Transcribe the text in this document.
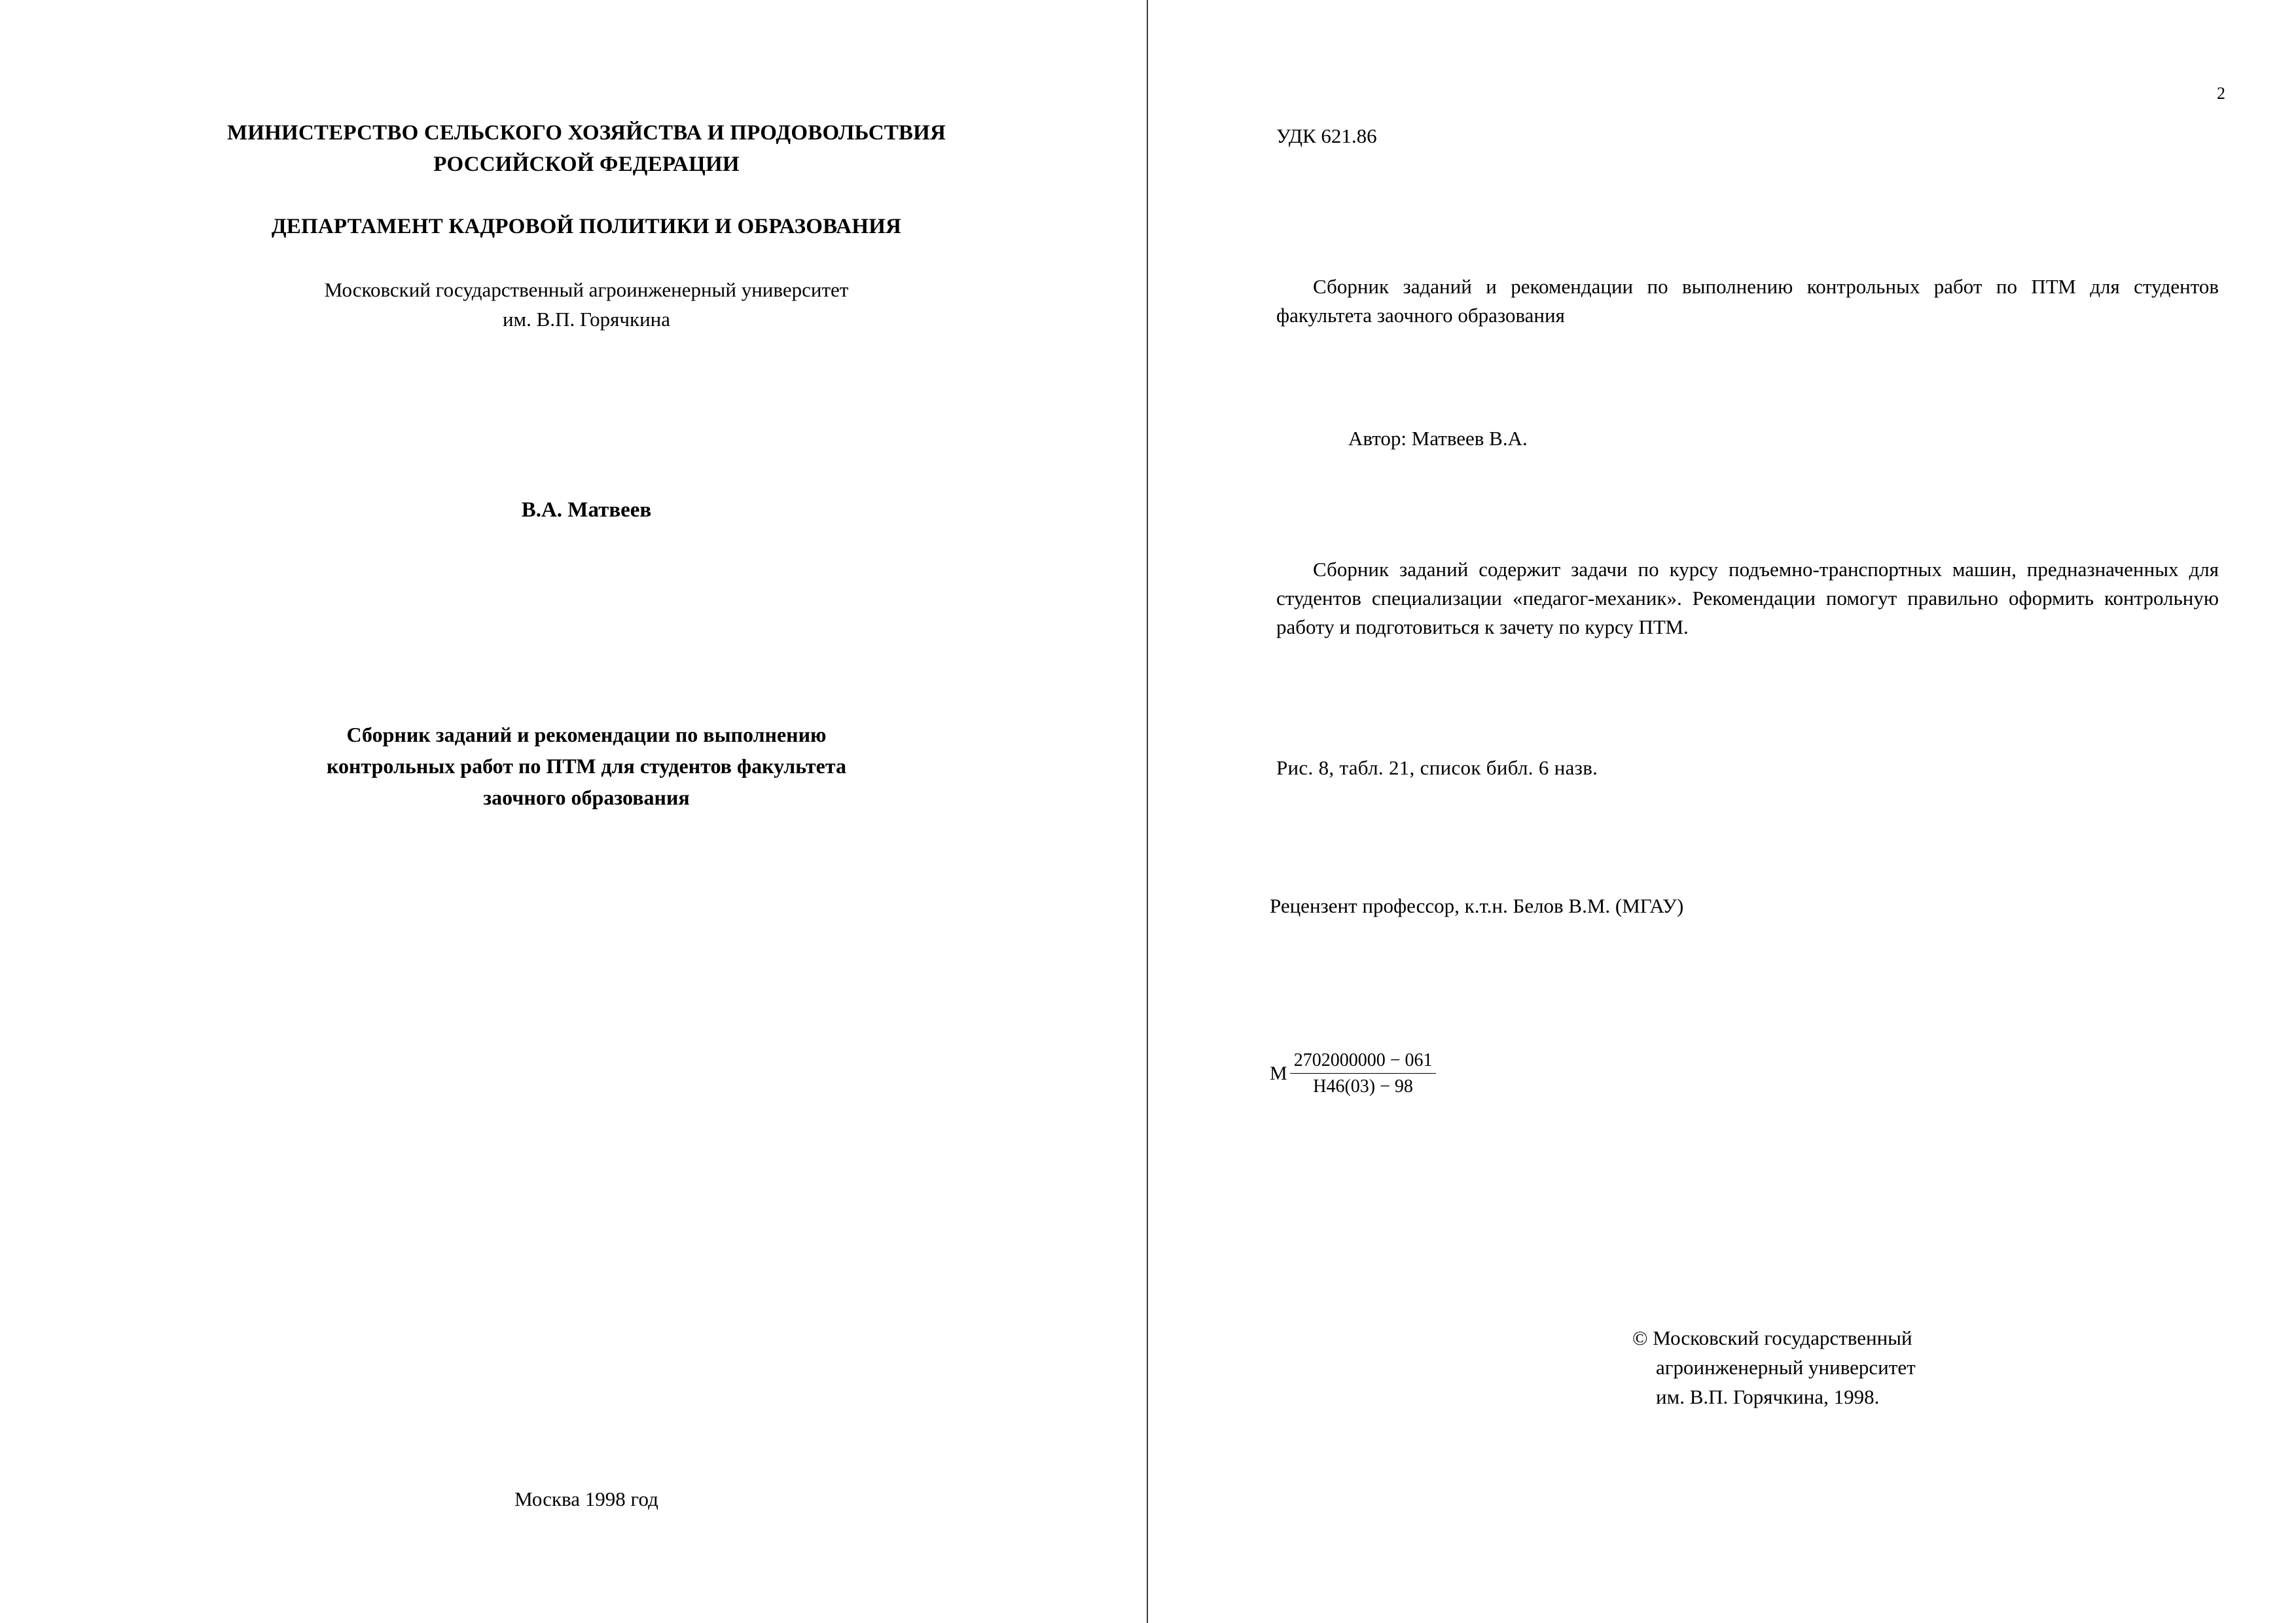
МИНИСТЕРСТВО СЕЛЬСКОГО ХОЗЯЙСТВА И ПРОДОВОЛЬСТВИЯ
РОССИЙСКОЙ ФЕДЕРАЦИИ
ДЕПАРТАМЕНТ КАДРОВОЙ ПОЛИТИКИ И ОБРАЗОВАНИЯ
Московский государственный агроинженерный университет
им. В.П. Горячкина
В.А. Матвеев
Сборник заданий и рекомендации по выполнению
контрольных работ по ПТМ для студентов факультета
заочного образования
Москва 1998 год
2
УДК 621.86
Сборник заданий и рекомендации по выполнению контрольных работ по ПТМ для студентов факультета заочного образования
Автор: Матвеев В.А.
Сборник заданий содержит задачи по курсу подъемно-транспортных машин, предназначенных для студентов специализации «педагог-механик». Рекомендации помогут правильно оформить контрольную работу и подготовиться к зачету по курсу ПТМ.
Рис. 8, табл. 21, список библ. 6 назв.
Рецензент профессор, к.т.н. Белов В.М. (МГАУ)
М $\frac{2702000000 - 061}{Н46(03) - 98}$
© Московский государственный
агроинженерный университет
им. В.П. Горячкина, 1998.
